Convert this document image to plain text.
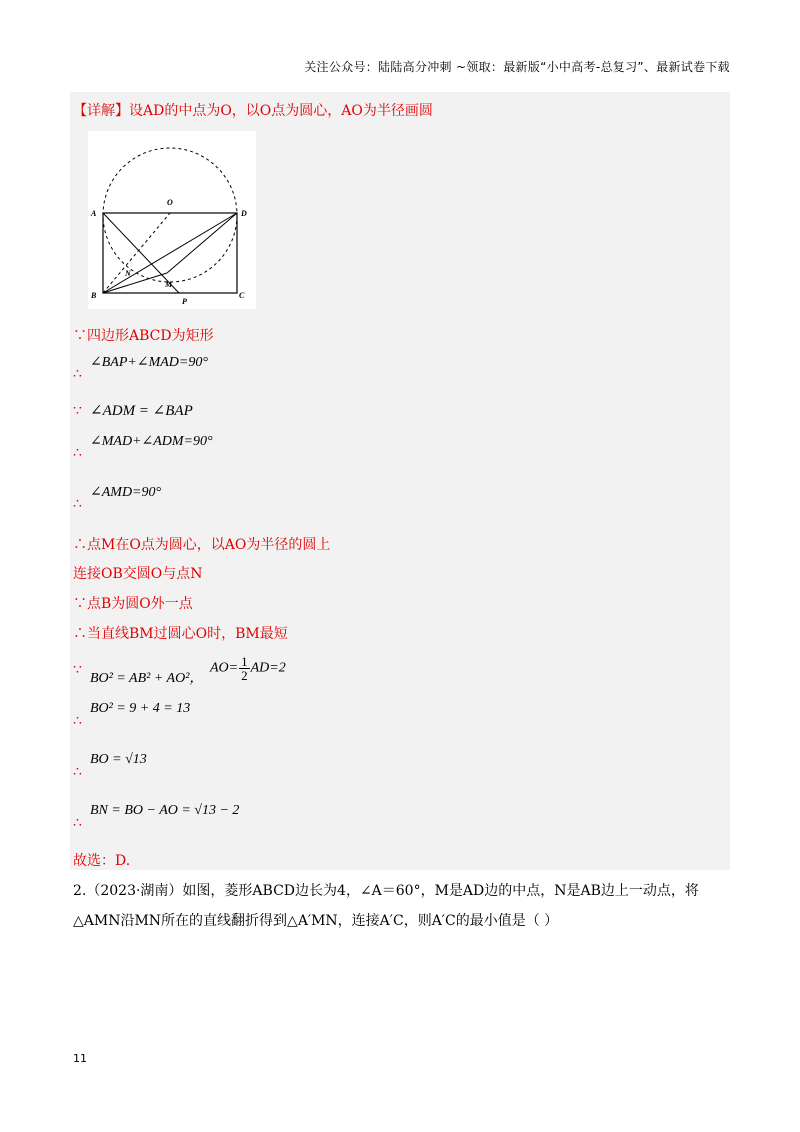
关注公众号：陆陆高分冲刺 ~领取：最新版“小中高考-总复习”、最新试卷下载
【详解】设AD的中点为O，以O点为圆心，AO为半径画圆
A	D
O
B	C
N
M
P
∵四边形ABCD为矩形
∴
∠BAP+∠MAD=90°
∵ ∠ADM = ∠BAP
∴
∠MAD+∠ADM=90°
∴
∠AMD=90°
∴点M在O点为圆心，以AO为半径的圆上
连接OB交圆O与点N
∵点B为圆O外一点
∴当直线BM过圆心O时，BM最短
∵
BO² = AB² + AO²，
$AO= \frac{1}{2} AD=2$
∴
BO² = 9 + 4 = 13
∴
BO = √13
∴
BN = BO − AO = √13 − 2
故选：D.
2.（2023·湖南）如图，菱形ABCD边长为4，∠A＝60°，M是AD边的中点，N是AB边上一动点，将
△AMN沿MN所在的直线翻折得到△A′MN，连接A′C，则A′C的最小值是（ ）
11
